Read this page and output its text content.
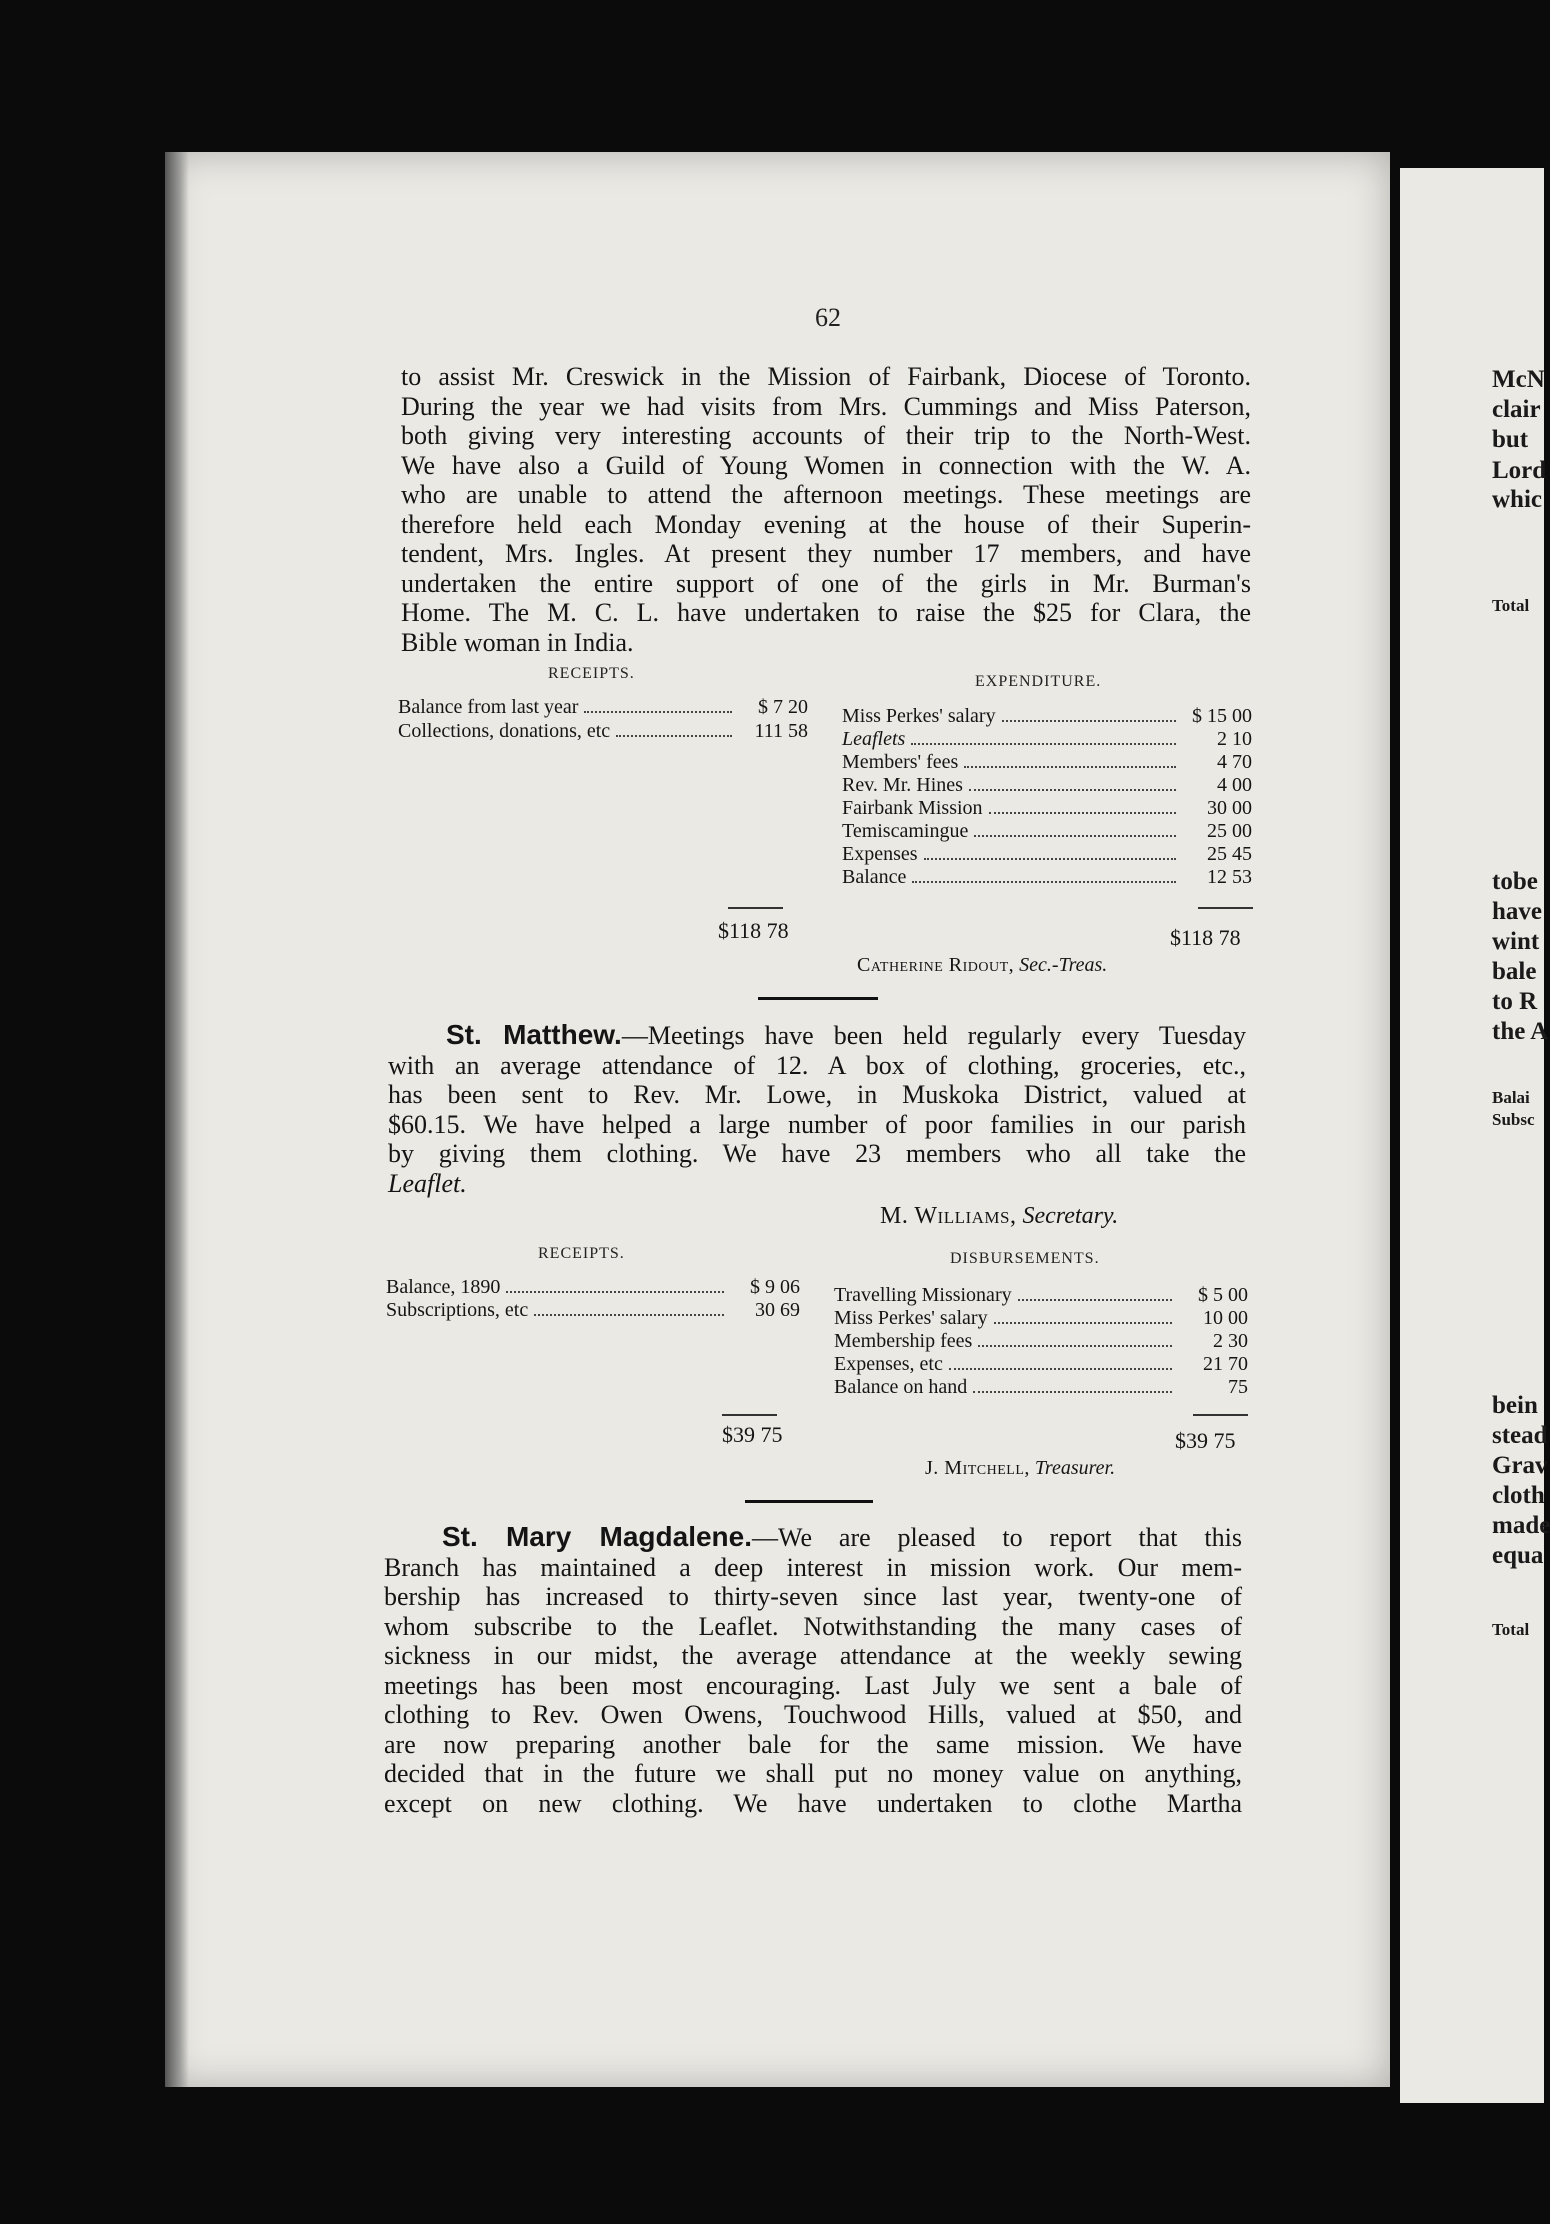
McN
clair
but
Lord
whic
Total
tobe
have
wint
bale
to R
the A
Balai
Subsc
bein
stead
Grav
cloth
made
equa
Total
62
to assist Mr. Creswick in the Mission of Fairbank, Diocese of Toronto.
During the year we had visits from Mrs. Cummings and Miss Paterson,
both giving very interesting accounts of their trip to the North-West.
We have also a Guild of Young Women in connection with the W. A.
who are unable to attend the afternoon meetings. These meetings are
therefore held each Monday evening at the house of their Superin-
tendent, Mrs. Ingles. At present they number 17 members, and have
undertaken the entire support of one of the girls in Mr. Burman's
Home. The M. C. L. have undertaken to raise the $25 for Clara, the
Bible woman in India.
RECEIPTS.	EXPENDITURE.
Balance from last year	$ 7 20
Collections, donations, etc	111 58
Miss Perkes' salary	$ 15 00
Leaflets	2 10
Members' fees	4 70
Rev. Mr. Hines	4 00
Fairbank Mission	30 00
Temiscamingue	25 00
Expenses	25 45
Balance	12 53
$118 78	$118 78
Catherine Ridout, Sec.-Treas.
St. Matthew.—Meetings have been held regularly every Tuesday
with an average attendance of 12. A box of clothing, groceries, etc.,
has been sent to Rev. Mr. Lowe, in Muskoka District, valued at
$60.15. We have helped a large number of poor families in our parish
by giving them clothing. We have 23 members who all take the
Leaflet.
M. Williams, Secretary.
RECEIPTS.	DISBURSEMENTS.
Balance, 1890	$ 9 06
Subscriptions, etc	30 69
Travelling Missionary	$ 5 00
Miss Perkes' salary	10 00
Membership fees	2 30
Expenses, etc	21 70
Balance on hand	75
$39 75	$39 75
J. Mitchell, Treasurer.
St. Mary Magdalene.—We are pleased to report that this
Branch has maintained a deep interest in mission work. Our mem-
bership has increased to thirty-seven since last year, twenty-one of
whom subscribe to the Leaflet. Notwithstanding the many cases of
sickness in our midst, the average attendance at the weekly sewing
meetings has been most encouraging. Last July we sent a bale of
clothing to Rev. Owen Owens, Touchwood Hills, valued at $50, and
are now preparing another bale for the same mission. We have
decided that in the future we shall put no money value on anything,
except on new clothing. We have undertaken to clothe Martha
